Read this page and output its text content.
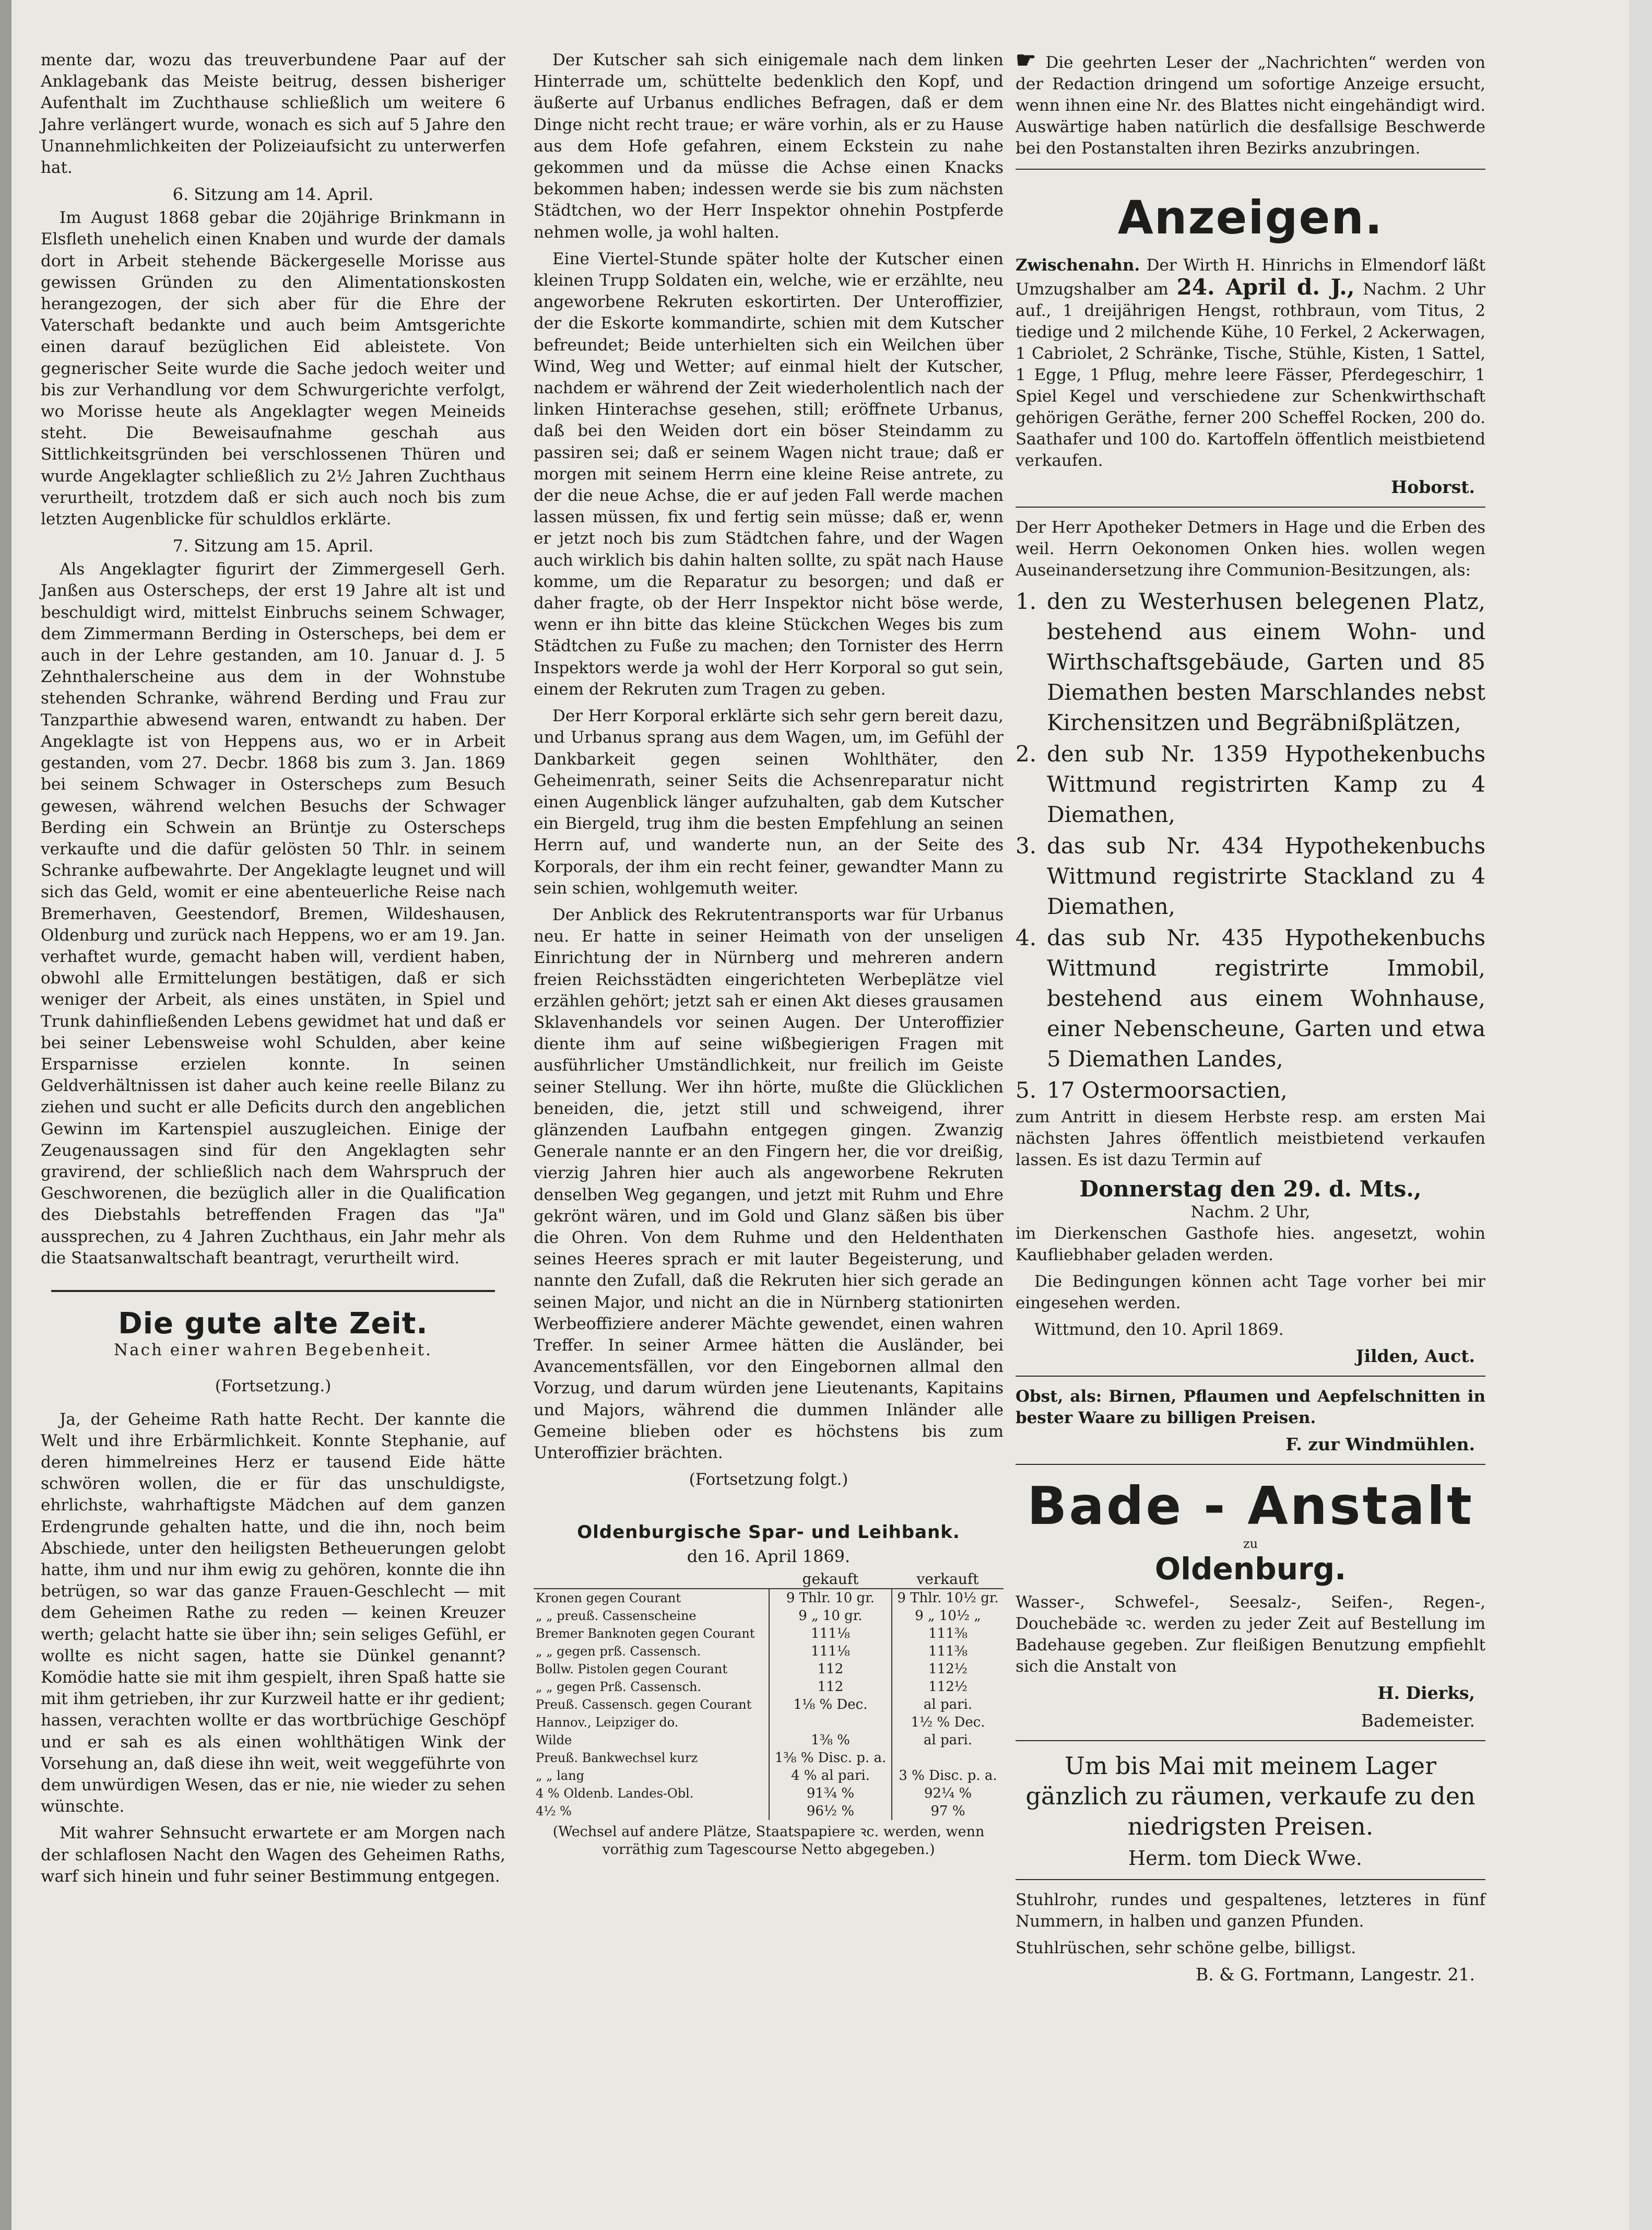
mente dar, wozu das treuverbundene Paar auf der Anklagebank das Meiste beitrug, dessen bisheriger Aufenthalt im Zuchthause schließlich um weitere 6 Jahre verlängert wurde, wonach es sich auf 5 Jahre den Unannehmlichkeiten der Polizeiaufsicht zu unterwerfen hat.

6. Sitzung am 14. April.

Im August 1868 gebar die 20jährige Brinkmann in Elsfleth unehelich einen Knaben und wurde der damals dort in Arbeit stehende Bäckergeselle Morisse aus gewissen Gründen zu den Alimentationskosten herangezogen, der sich aber für die Ehre der Vaterschaft bedankte und auch beim Amtsgerichte einen darauf bezüglichen Eid ableistete. Von gegnerischer Seite wurde die Sache jedoch weiter und bis zur Verhandlung vor dem Schwurgerichte verfolgt, wo Morisse heute als Angeklagter wegen Meineids steht. Die Beweisaufnahme geschah aus Sittlichkeitsgründen bei verschlossenen Thüren und wurde Angeklagter schließlich zu 2½ Jahren Zuchthaus verurtheilt, trotzdem daß er sich auch noch bis zum letzten Augenblicke für schuldlos erklärte.

7. Sitzung am 15. April.

Als Angeklagter figurirt der Zimmergesell Gerh. Janßen aus Osterscheps, der erst 19 Jahre alt ist und beschuldigt wird, mittelst Einbruchs seinem Schwager, dem Zimmermann Berding in Osterscheps, bei dem er auch in der Lehre gestanden, am 10. Januar d. J. 5 Zehnthalerscheine aus dem in der Wohnstube stehenden Schranke, während Berding und Frau zur Tanzparthie abwesend waren, entwandt zu haben. Der Angeklagte ist von Heppens aus, wo er in Arbeit gestanden, vom 27. Decbr. 1868 bis zum 3. Jan. 1869 bei seinem Schwager in Osterscheps zum Besuch gewesen, während welchen Besuchs der Schwager Berding ein Schwein an Brüntje zu Osterscheps verkaufte und die dafür gelösten 50 Thlr. in seinem Schranke aufbewahrte. Der Angeklagte leugnet und will sich das Geld, womit er eine abenteuerliche Reise nach Bremerhaven, Geestendorf, Bremen, Wildeshausen, Oldenburg und zurück nach Heppens, wo er am 19. Jan. verhaftet wurde, gemacht haben will, verdient haben, obwohl alle Ermittelungen bestätigen, daß er sich weniger der Arbeit, als eines unstäten, in Spiel und Trunk dahinfließenden Lebens gewidmet hat und daß er bei seiner Lebensweise wohl Schulden, aber keine Ersparnisse erzielen konnte. In seinen Geldverhältnissen ist daher auch keine reelle Bilanz zu ziehen und sucht er alle Deficits durch den angeblichen Gewinn im Kartenspiel auszugleichen. Einige der Zeugenaussagen sind für den Angeklagten sehr gravirend, der schließlich nach dem Wahrspruch der Geschworenen, die bezüglich aller in die Qualification des Diebstahls betreffenden Fragen das "Ja" aussprechen, zu 4 Jahren Zuchthaus, ein Jahr mehr als die Staatsanwaltschaft beantragt, verurtheilt wird.

Die gute alte Zeit.
Nach einer wahren Begebenheit.
(Fortsetzung.)

Ja, der Geheime Rath hatte Recht. Der kannte die Welt und ihre Erbärmlichkeit. Konnte Stephanie, auf deren himmelreines Herz er tausend Eide hätte schwören wollen, die er für das unschuldigste, ehrlichste, wahrhaftigste Mädchen auf dem ganzen Erdengrunde gehalten hatte, und die ihn, noch beim Abschiede, unter den heiligsten Betheuerungen gelobt hatte, ihm und nur ihm ewig zu gehören, konnte die ihn betrügen, so war das ganze Frauen-Geschlecht — mit dem Geheimen Rathe zu reden — keinen Kreuzer werth; gelacht hatte sie über ihn; sein seliges Gefühl, er wollte es nicht sagen, hatte sie Dünkel genannt? Komödie hatte sie mit ihm gespielt, ihren Spaß hatte sie mit ihm getrieben, ihr zur Kurzweil hatte er ihr gedient; hassen, verachten wollte er das wortbrüchige Geschöpf und er sah es als einen wohlthätigen Wink der Vorsehung an, daß diese ihn weit, weit weggeführte von dem unwürdigen Wesen, das er nie, nie wieder zu sehen wünschte.

Mit wahrer Sehnsucht erwartete er am Morgen nach der schlaflosen Nacht den Wagen des Geheimen Raths, warf sich hinein und fuhr seiner Bestimmung entgegen.

Der Kutscher sah sich einigemale nach dem linken Hinterrade um, schüttelte bedenklich den Kopf, und äußerte auf Urbanus endliches Befragen, daß er dem Dinge nicht recht traue; er wäre vorhin, als er zu Hause aus dem Hofe gefahren, einem Eckstein zu nahe gekommen und da müsse die Achse einen Knacks bekommen haben; indessen werde sie bis zum nächsten Städtchen, wo der Herr Inspektor ohnehin Postpferde nehmen wolle, ja wohl halten.

Eine Viertel-Stunde später holte der Kutscher einen kleinen Trupp Soldaten ein, welche, wie er erzählte, neu angeworbene Rekruten eskortirten. Der Unteroffizier, der die Eskorte kommandirte, schien mit dem Kutscher befreundet; Beide unterhielten sich ein Weilchen über Wind, Weg und Wetter; auf einmal hielt der Kutscher, nachdem er während der Zeit wiederholentlich nach der linken Hinterachse gesehen, still; eröffnete Urbanus, daß bei den Weiden dort ein böser Steindamm zu passiren sei; daß er seinem Wagen nicht traue; daß er morgen mit seinem Herrn eine kleine Reise antrete, zu der die neue Achse, die er auf jeden Fall werde machen lassen müssen, fix und fertig sein müsse; daß er, wenn er jetzt noch bis zum Städtchen fahre, und der Wagen auch wirklich bis dahin halten sollte, zu spät nach Hause komme, um die Reparatur zu besorgen; und daß er daher fragte, ob der Herr Inspektor nicht böse werde, wenn er ihn bitte das kleine Stückchen Weges bis zum Städtchen zu Fuße zu machen; den Tornister des Herrn Inspektors werde ja wohl der Herr Korporal so gut sein, einem der Rekruten zum Tragen zu geben.

Der Herr Korporal erklärte sich sehr gern bereit dazu, und Urbanus sprang aus dem Wagen, um, im Gefühl der Dankbarkeit gegen seinen Wohlthäter, den Geheimenrath, seiner Seits die Achsenreparatur nicht einen Augenblick länger aufzuhalten, gab dem Kutscher ein Biergeld, trug ihm die besten Empfehlung an seinen Herrn auf, und wanderte nun, an der Seite des Korporals, der ihm ein recht feiner, gewandter Mann zu sein schien, wohlgemuth weiter.

Der Anblick des Rekrutentransports war für Urbanus neu. Er hatte in seiner Heimath von der unseligen Einrichtung der in Nürnberg und mehreren andern freien Reichsstädten eingerichteten Werbeplätze viel erzählen gehört; jetzt sah er einen Akt dieses grausamen Sklavenhandels vor seinen Augen. Der Unteroffizier diente ihm auf seine wißbegierigen Fragen mit ausführlicher Umständlichkeit, nur freilich im Geiste seiner Stellung. Wer ihn hörte, mußte die Glücklichen beneiden, die, jetzt still und schweigend, ihrer glänzenden Laufbahn entgegen gingen. Zwanzig Generale nannte er an den Fingern her, die vor dreißig, vierzig Jahren hier auch als angeworbene Rekruten denselben Weg gegangen, und jetzt mit Ruhm und Ehre gekrönt wären, und im Gold und Glanz säßen bis über die Ohren. Von dem Ruhme und den Heldenthaten seines Heeres sprach er mit lauter Begeisterung, und nannte den Zufall, daß die Rekruten hier sich gerade an seinen Major, und nicht an die in Nürnberg stationirten Werbeoffiziere anderer Mächte gewendet, einen wahren Treffer. In seiner Armee hätten die Ausländer, bei Avancementsfällen, vor den Eingebornen allmal den Vorzug, und darum würden jene Lieutenants, Kapitains und Majors, während die dummen Inländer alle Gemeine blieben oder es höchstens bis zum Unteroffizier brächten.

(Fortsetzung folgt.)
Oldenburgische Spar- und Leihbank.
den 16. April 1869.
	gekauft	verkauft
Kronen gegen Courant	9 Thlr. 10 gr.	9 Thlr. 10½ gr.
„ „ preuß. Cassenscheine	9 „ 10 gr.	9 „ 10½ „
Bremer Banknoten gegen Courant	111⅛	111⅜
„ „ gegen prß. Cassensch.	111⅛	111⅜
Bollw. Pistolen gegen Courant	112	112½
„ „ gegen Prß. Cassensch.	112	112½
Preuß. Cassensch. gegen Courant	1⅛ % Dec.	al pari.
Hannov., Leipziger do.		1½ % Dec.
Wilde	1⅜ %	al pari.
Preuß. Bankwechsel kurz	1⅜ % Disc. p. a.	
„ „ lang	4 % al pari.	3 % Disc. p. a.
4 % Oldenb. Landes-Obl.	91¾ %	92¼ %
4½ %	96½ %	97 %
(Wechsel auf andere Plätze, Staatspapiere ꝛc. werden, wenn vorräthig zum Tagescourse Netto abgegeben.)

☛ Die geehrten Leser der „Nachrichten“ werden von der Redaction dringend um sofortige Anzeige ersucht, wenn ihnen eine Nr. des Blattes nicht eingehändigt wird. Auswärtige haben natürlich die desfallsige Beschwerde bei den Postanstalten ihren Bezirks anzubringen.

Anzeigen.

Zwischenahn. Der Wirth H. Hinrichs in Elmendorf läßt Umzugshalber am 24. April d. J., Nachm. 2 Uhr auf., 1 dreijährigen Hengst, rothbraun, vom Titus, 2 tiedige und 2 milchende Kühe, 10 Ferkel, 2 Ackerwagen, 1 Cabriolet, 2 Schränke, Tische, Stühle, Kisten, 1 Sattel, 1 Egge, 1 Pflug, mehre leere Fässer, Pferdegeschirr, 1 Spiel Kegel und verschiedene zur Schenkwirthschaft gehörigen Geräthe, ferner 200 Scheffel Rocken, 200 do. Saathafer und 100 do. Kartoffeln öffentlich meistbietend verkaufen.

Hoborst.

Der Herr Apotheker Detmers in Hage und die Erben des weil. Herrn Oekonomen Onken hies. wollen wegen Auseinandersetzung ihre Communion-Besitzungen, als:

1. den zu Westerhusen belegenen Platz, bestehend aus einem Wohn- und Wirthschaftsgebäude, Garten und 85 Diemathen besten Marschlandes nebst Kirchensitzen und Begräbnißplätzen,
2. den sub Nr. 1359 Hypothekenbuchs Wittmund registrirten Kamp zu 4 Diemathen,
3. das sub Nr. 434 Hypothekenbuchs Wittmund registrirte Stackland zu 4 Diemathen,
4. das sub Nr. 435 Hypothekenbuchs Wittmund registrirte Immobil, bestehend aus einem Wohnhause, einer Nebenscheune, Garten und etwa 5 Diemathen Landes,
5. 17 Ostermoorsactien,

zum Antritt in diesem Herbste resp. am ersten Mai nächsten Jahres öffentlich meistbietend verkaufen lassen. Es ist dazu Termin auf

Donnerstag den 29. d. Mts.,
Nachm. 2 Uhr,

im Dierkenschen Gasthofe hies. angesetzt, wohin Kaufliebhaber geladen werden.

Die Bedingungen können acht Tage vorher bei mir eingesehen werden.

Wittmund, den 10. April 1869.

Jilden, Auct.

Obst, als: Birnen, Pflaumen und Aepfelschnitten in bester Waare zu billigen Preisen.

F. zur Windmühlen.
Bade - Anstalt
zu
Oldenburg.

Wasser-, Schwefel-, Seesalz-, Seifen-, Regen-, Douchebäde ꝛc. werden zu jeder Zeit auf Bestellung im Badehause gegeben. Zur fleißigen Benutzung empfiehlt sich die Anstalt von

H. Dierks,
Bademeister.

Um bis Mai mit meinem Lager gänzlich zu räumen, verkaufe zu den niedrigsten Preisen.

Herm. tom Dieck Wwe.

Stuhlrohr, rundes und gespaltenes, letzteres in fünf Nummern, in halben und ganzen Pfunden.

Stuhlrüschen, sehr schöne gelbe, billigst.

B. & G. Fortmann, Langestr. 21.
